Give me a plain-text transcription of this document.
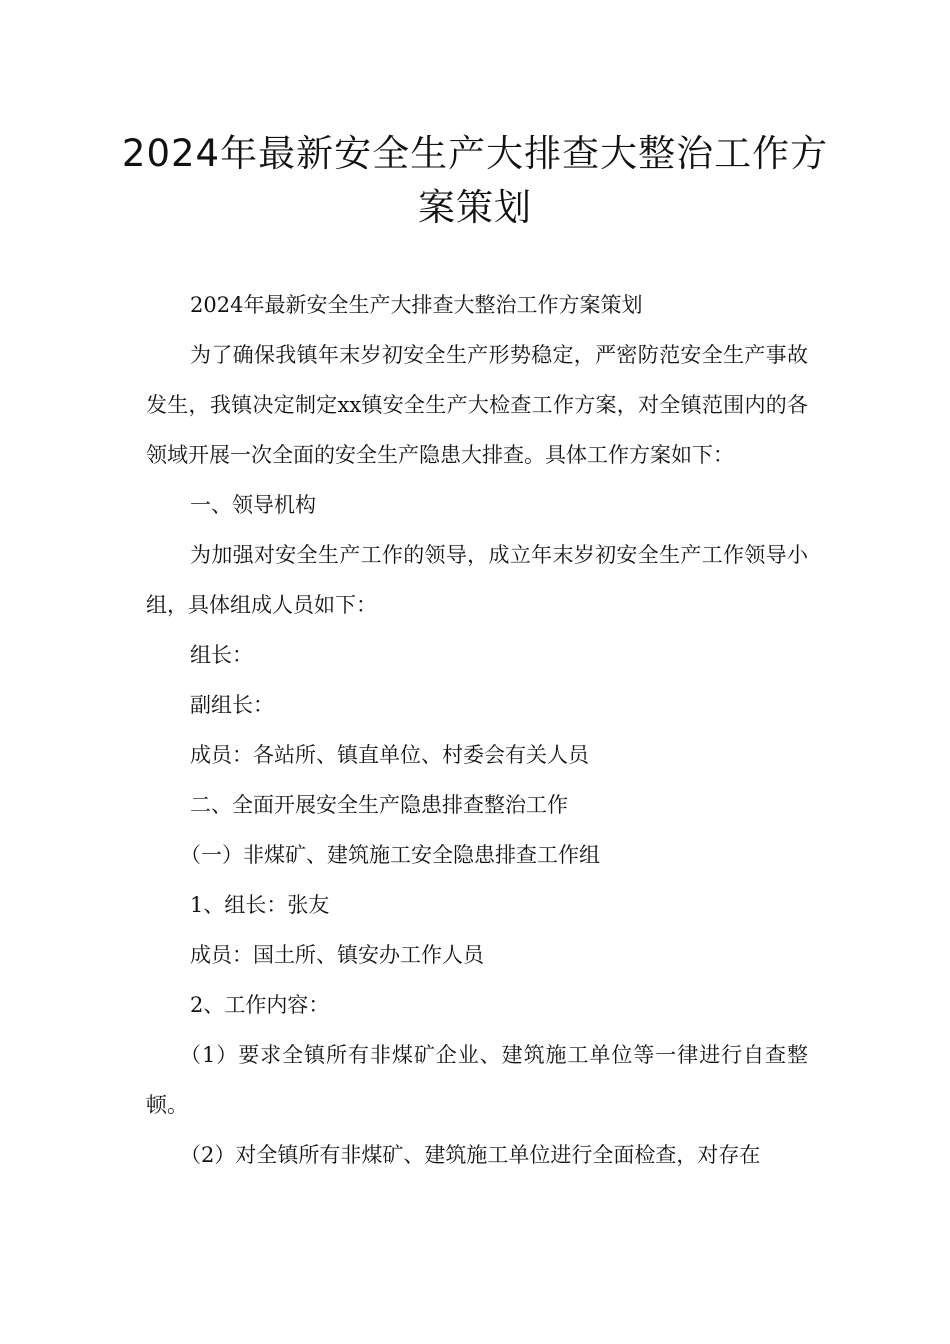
2024年最新安全生产大排查大整治工作方案策划

2024年最新安全生产大排查大整治工作方案策划

为了确保我镇年末岁初安全生产形势稳定，严密防范安全生产事故发生，我镇决定制定xx镇安全生产大检查工作方案，对全镇范围内的各领域开展一次全面的安全生产隐患大排查。具体工作方案如下：

一、领导机构

为加强对安全生产工作的领导，成立年末岁初安全生产工作领导小组，具体组成人员如下：

组长：

副组长：

成员：各站所、镇直单位、村委会有关人员

二、全面开展安全生产隐患排查整治工作

（一）非煤矿、建筑施工安全隐患排查工作组

1、组长：张友

成员：国土所、镇安办工作人员

2、工作内容：

（1）要求全镇所有非煤矿企业、建筑施工单位等一律进行自查整顿。

（2）对全镇所有非煤矿、建筑施工单位进行全面检查，对存在
